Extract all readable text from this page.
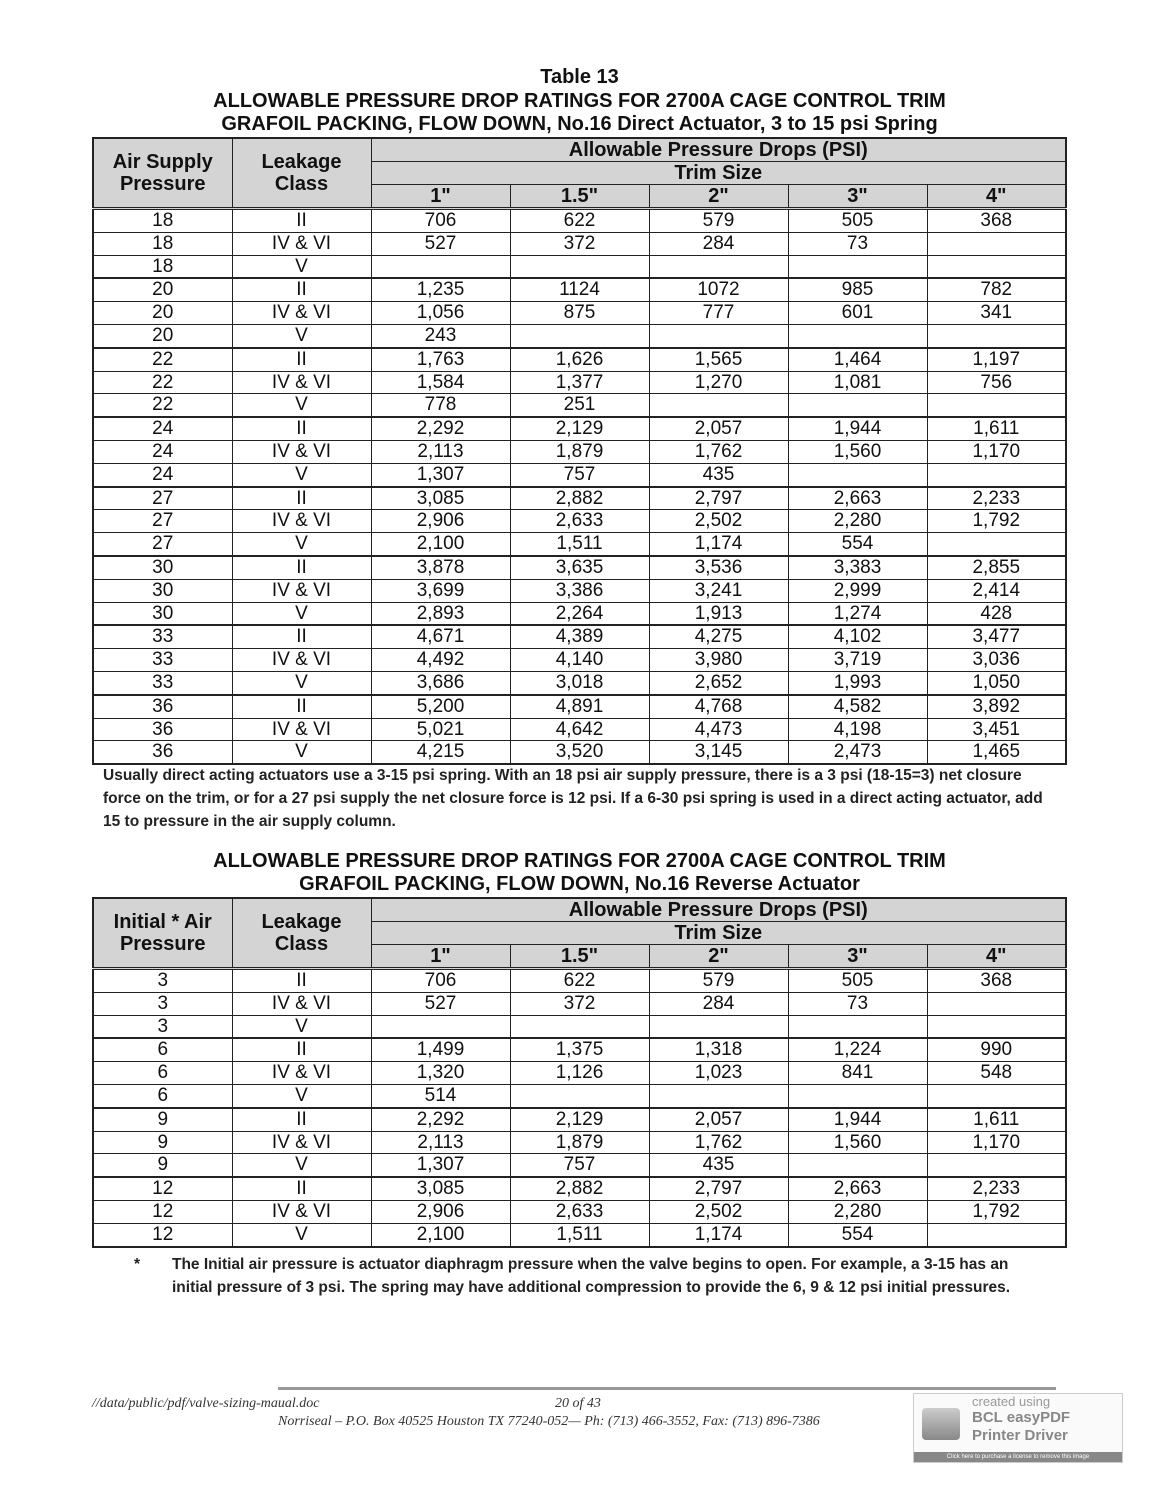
Table 13
ALLOWABLE PRESSURE DROP RATINGS FOR 2700A CAGE CONTROL TRIM
GRAFOIL PACKING, FLOW DOWN, No.16 Direct Actuator, 3 to 15 psi Spring
Air Supply Pressure	Leakage Class	Allowable Pressure Drops (PSI)				
		Trim Size				
		1"	1.5"	2"	3"	4"
18	II	706	622	579	505	368
18	IV & VI	527	372	284	73	
18	V					
20	II	1,235	1124	1072	985	782
20	IV & VI	1,056	875	777	601	341
20	V	243				
22	II	1,763	1,626	1,565	1,464	1,197
22	IV & VI	1,584	1,377	1,270	1,081	756
22	V	778	251			
24	II	2,292	2,129	2,057	1,944	1,611
24	IV & VI	2,113	1,879	1,762	1,560	1,170
24	V	1,307	757	435		
27	II	3,085	2,882	2,797	2,663	2,233
27	IV & VI	2,906	2,633	2,502	2,280	1,792
27	V	2,100	1,511	1,174	554	
30	II	3,878	3,635	3,536	3,383	2,855
30	IV & VI	3,699	3,386	3,241	2,999	2,414
30	V	2,893	2,264	1,913	1,274	428
33	II	4,671	4,389	4,275	4,102	3,477
33	IV & VI	4,492	4,140	3,980	3,719	3,036
33	V	3,686	3,018	2,652	1,993	1,050
36	II	5,200	4,891	4,768	4,582	3,892
36	IV & VI	5,021	4,642	4,473	4,198	3,451
36	V	4,215	3,520	3,145	2,473	1,465
Usually direct acting actuators use a 3-15 psi spring. With an 18 psi air supply pressure, there is a 3 psi (18-15=3) net closure force on the trim, or for a 27 psi supply the net closure force is 12 psi. If a 6-30 psi spring is used in a direct acting actuator, add 15 to pressure in the air supply column.
ALLOWABLE PRESSURE DROP RATINGS FOR 2700A CAGE CONTROL TRIM
GRAFOIL PACKING, FLOW DOWN, No.16 Reverse Actuator
Initial * Air Pressure	Leakage Class	Allowable Pressure Drops (PSI)				
		Trim Size				
		1"	1.5"	2"	3"	4"
3	II	706	622	579	505	368
3	IV & VI	527	372	284	73	
3	V					
6	II	1,499	1,375	1,318	1,224	990
6	IV & VI	1,320	1,126	1,023	841	548
6	V	514				
9	II	2,292	2,129	2,057	1,944	1,611
9	IV & VI	2,113	1,879	1,762	1,560	1,170
9	V	1,307	757	435		
12	II	3,085	2,882	2,797	2,663	2,233
12	IV & VI	2,906	2,633	2,502	2,280	1,792
12	V	2,100	1,511	1,174	554	
*	The Initial air pressure is actuator diaphragm pressure when the valve begins to open. For example, a 3-15 has an initial pressure of 3 psi. The spring may have additional compression to provide the 6, 9 & 12 psi initial pressures.
//data/public/pdf/valve-sizing-maual.doc	20 of 43
Norriseal – P.O. Box 40525 Houston TX 77240-052— Ph: (713) 466-3552, Fax: (713) 896-7386
created using
BCL easyPDF
Printer Driver
Click here to purchase a license to remove this image
